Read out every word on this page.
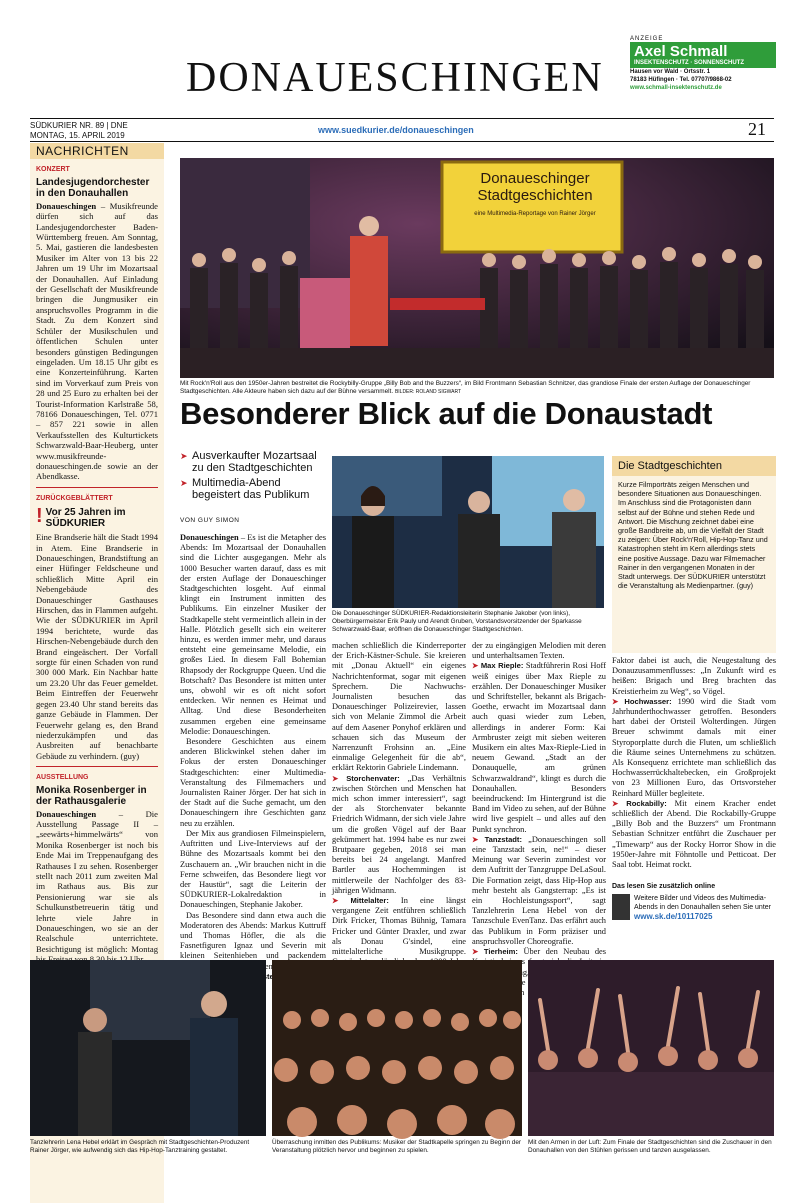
DONAUESCHINGEN
ANZEIGE
Axel Schmall
INSEKTENSCHUTZ · SONNENSCHUTZ
Hausen vor Wald · Ortsstr. 1
78183 Hüfingen · Tel. 07707/9868-02
www.schmall-insektenschutz.de
SÜDKURIER NR. 89 | DNE
MONTAG, 15. APRIL 2019
www.suedkurier.de/donaueschingen	21
NACHRICHTEN
KONZERT
Landesjugendorchester in den Donauhallen
Donaueschingen – Musikfreunde dürfen sich auf das Landesjugendorchester Baden-Württemberg freuen. Am Sonntag, 5. Mai, gastieren die landesbesten Musiker im Alter von 13 bis 22 Jahren um 19 Uhr im Mozartsaal der Donauhallen. Auf Einladung der Gesellschaft der Musikfreunde bringen die Jungmusiker ein anspruchsvolles Programm in die Stadt. Zu dem Konzert sind Schüler der Musikschulen und öffentlichen Schulen unter besonders günstigen Bedingungen eingeladen. Um 18.15 Uhr gibt es eine Konzerteinführung. Karten sind im Vorverkauf zum Preis von 28 und 25 Euro zu erhalten bei der Tourist-Information Karlstraße 58, 78166 Donaueschingen, Tel. 0771 – 857 221 sowie in allen Verkaufsstellen des Kulturtickets Schwarzwald-Baar-Heuberg, unter www.musikfreunde-donaueschingen.de sowie an der Abendkasse.
ZURÜCKGEBLÄTTERT
! Vor 25 Jahren im SÜDKURIER
Eine Brandserie hält die Stadt 1994 in Atem. Eine Brandserie in Donaueschingen, Brandstiftung an einer Hüfinger Feldscheune und schließlich Mitte April ein Nebengebäude des Donaueschinger Gasthauses Hirschen, das in Flammen aufgeht. Wie der SÜDKURIER im April 1994 berichtete, wurde das Hirschen-Nebengebäude durch den Brand eingeäschert. Der Vorfall sorgte für einen Schaden von rund 300 000 Mark. Ein Nachbar hatte um 23.20 Uhr das Feuer gemeldet. Beim Eintreffen der Feuerwehr gegen 23.40 Uhr stand bereits das ganze Gebäude in Flammen. Der Feuerwehr gelang es, den Brand niederzukämpfen und das Ausbreiten auf benachbarte Gebäude zu verhindern. (guy)
AUSSTELLUNG
Monika Rosenberger in der Rathausgalerie
Donaueschingen	– Die Ausstellung Passage II – „seewärts+himmelwärts“ von Monika Rosenberger ist noch bis Ende Mai im Treppenaufgang des Rathauses I zu sehen. Rosenberger stellt nach 2011 zum zweiten Mal im Rathaus aus. Bis zur Pensionierung war sie als Schulkunstbetreuerin tätig und lehrte viele Jahre in Donaueschingen, wo sie an der Realschule unterrichtete. Besichtigung ist möglich: Montag
Donaueschinger
Stadtgeschichten
eine Multimedia-Reportage von Rainer Jörger
Mit Rock'n'Roll aus den 1950er-Jahren bestreitet die Rockybilly-Gruppe „Billy Bob and the Buzzers“, im Bild Frontmann Sebastian Schnitzer, das grandiose Finale der ersten Auflage der Donaueschinger Stadtgeschichten. Alle Akteure haben sich dazu auf der Bühne versammelt. BILDER: ROLAND SIGWART
Besonderer Blick auf die Donaustadt
➤ Ausverkaufter Mozartsaal zu den Stadtgeschichten
➤ Multimedia-Abend begeistert das Publikum
VON GUY SIMON
Die Donaueschinger SÜDKURIER-Redaktionsleiterin Stephanie Jakober (von links), Oberbürgermeister Erik Pauly und Arendt Gruben, Vorstandsvorsitzender der Sparkasse Schwarzwald-Baar, eröffnen die Donaueschinger Stadtgeschichten.
Die Stadtgeschichten
Kurze Filmporträts zeigen Menschen und besondere Situationen aus Donaueschingen. Im Anschluss sind die Protagonisten dann selbst auf der Bühne und stehen Rede und Antwort. Die Mischung zeichnet dabei eine große Bandbreite ab, um die Vielfalt der Stadt zu zeigen: Über Rock'n'Roll, Hip-Hop-Tanz und Katastrophen steht im Kern allerdings stets eine positive Aussage. Dazu war Filmemacher Rainer in den vergangenen Monaten in der Stadt unterwegs. Der SÜDKURIER unterstützt die Veranstaltung als Medienpartner. (guy)

Donaueschingen – Es ist die Metapher des Abends: Im Mozartsaal der Donauhallen sind die Lichter ausgegangen. Mehr als 1000 Besucher warten darauf, dass es mit der ersten Auflage der Donaueschinger Stadtgeschichten losgeht. Auf einmal klingt ein Instrument inmitten des Publikums. Ein einzelner Musiker der Stadtkapelle steht vermeintlich allein in der Halle. Plötzlich gesellt sich ein weiterer hinzu, es werden immer mehr, und daraus entsteht eine gemeinsame Melodie, ein großes Lied. In diesem Fall Bohemian Rhapsody der Rockgruppe Queen. Und die Botschaft? Das Besondere ist mitten unter uns, obwohl wir es oft nicht sofort entdecken. Wir nennen es Heimat und Alltag. Und diese Besonderheiten zusammen ergeben eine gemeinsame Melodie: Donaueschingen.

Besondere Geschichten aus einem anderen Blickwinkel stehen daher im Fokus der ersten Donaueschinger Stadtgeschichten: einer Multimedia-Veranstaltung des Filmemachers und Journalisten Rainer Jörger. Der hat sich in der Stadt auf die Suche gemacht, um den Donaueschingern ihre Geschichten ganz neu zu erzählen.

Der Mix aus grandiosen Filmeinspielern, Auftritten und Live-Interviews auf der Bühne des Mozartsaals kommt bei den Zuschauern an. „Wir brauchen nicht in die Ferne schweifen, das Besondere liegt vor der Haustür“, sagt die Leiterin der SÜDKURIER-Lokalredaktion in Donaueschingen, Stephanie Jakober.

Das Besondere sind dann etwa auch die Moderatoren des Abends: Markus Kuttruff und Thomas Höfler, die als die Fasnetfiguren Ignaz und Severin mit kleinen Seitenhieben und packendem Thema

➤

machen schließlich die Kinderreporter der Erich-Kästner-Schule. Sie kreieren mit „Donau Aktuell“ ein eigenes Nachrichtenformat, sogar mit eigenen Sprechern. Die Nachwuchs-Journalisten besuchen das Donaueschinger Polizeirevier, lassen sich von Melanie Zimmol die Arbeit auf dem Aasener Ponyhof erklären und schauen sich das Museum der Narrenzunft Frohsinn an. „Eine einmalige Gelegenheit für die ab“, erklärt Rektorin Gabriele Lindemann.

➤ Storchenvater: „Das Verhältnis zwischen Störchen und Menschen hat mich schon immer interessiert“, sagt der als Storchenvater bekannte Friedrich Widmann, der sich viele Jahre um die großen Vögel auf der Baar gekümmert hat. 1994 habe es nur zwei Brutpaare gegeben, 2018 sei man bereits bei 24 angelangt. Manfred Bartler aus Hochemmingen ist mittlerweile der Nachfolger des 83-jährigen Widmann.

➤ Mittelalter: In eine längst vergangene Zeit entführen schließlich Dirk Fricker, Thomas Bühnig, Tamara Fricker und Günter Draxler, und zwar als Donau G'sindel, eine mittelalterliche Musikgruppe.

der zu eingängigen Melodien mit deren und unterhaltsamen Texten.

➤ Max Rieple: Stadtführerin Rosi Hoff weiß einiges über Max Rieple zu erzählen. Der Donaueschinger Musiker und Schriftsteller, bekannt als Brigach-Goethe, erwacht im Mozartsaal dann auch quasi wieder zum Leben, allerdings in anderer Form: Kai Armbruster zeigt mit sieben weiteren Musikern ein altes Max-Rieple-Lied in neuem Gewand. „Stadt an der Donauquelle, am grünen Schwarzwaldrand“, klingt es durch die Donauhallen. Besonders beeindruckend: Im Hintergrund ist die Band im Video zu sehen, auf der Bühne wird live gespielt – und alles auf den Punkt synchron.

➤ Tanzstadt: „Donaueschingen soll eine Tanzstadt sein, ne!“ – dieser Meinung war Severin zumindest vor dem Auftritt der Tanzgruppe DeLaSoul. Die Formation zeigt, dass Hip-Hop aus mehr besteht als Gangsterrap: „Es ist ein Hochleistungssport“, sagt Tanzlehrerin Lena Hebel von der Tanzschule EvenTanz. Das erfährt auch das Publikum in Form präziser und anspruchsvoller Choreografie.

➤ Tierheim: Über den Neubau des

Faktor dabei ist auch, die Neugestaltung des Donauzusammenflusses: „In Zukunft wird es heißen: Brigach und Breg brachten das Kreistierheim zu Weg“, so Vögel.

➤ Hochwasser: 1990 wird die Stadt vom Jahrhunderthochwasser getroffen. Besonders hart dabei der Ortsteil Wolterdingen. Jürgen Breuer schwimmt damals mit einer Styroporplatte durch die Fluten, um schließlich die Räume seines Unternehmens zu schützen. Als Konsequenz errichtete man schließlich das Hochwasserrückhaltebecken, ein Großprojekt von 23 Millionen Euro, das Ortsvorsteher Reinhard Müller begleitete.

➤ Rockabilly: Mit einem Kracher endet schließlich der Abend. Die Rockabilly-Gruppe „Billy Bob and the Buzzers“ um Frontmann Sebastian Schnitzer entführt die Zuschauer per „Timewarp“ aus der Rocky Horror Show in die 1950er-Jahre mit Föhntolle und Petticoat. Der Saal tobt. Heimat rockt.

Das lesen Sie zusätzlich online
Weitere Bilder und Videos des Multimedia-Abends in den Donauhallen sehen Sie unter
www.sk.de/10117025
Tanzlehrerin Lena Hebel erklärt im Gespräch mit Stadtgeschichten-Produzent Rainer Jörger, wie aufwendig sich das Hip-Hop-Tanztraining gestaltet.
Überraschung inmitten des Publikums: Musiker der Stadtkapelle springen zu Beginn der Veranstaltung plötzlich hervor und beginnen zu spielen.
Mit den Armen in der Luft: Zum Finale der Stadtgeschichten sind die Zuschauer in den Donauhallen von den Stühlen gerissen und tanzen ausgelassen.
